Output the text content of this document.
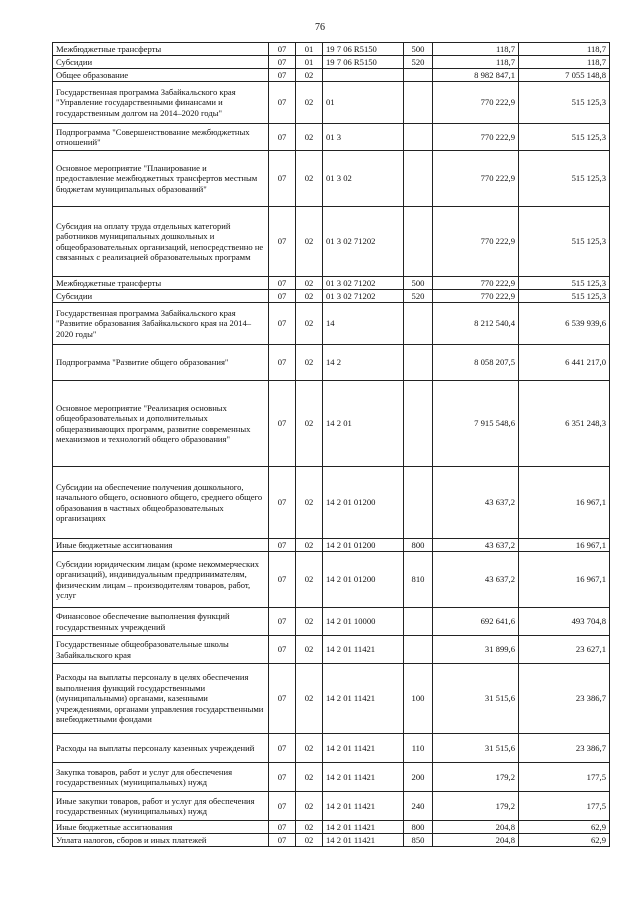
76
Межбюджетные трансферты	07	01	19 7 06 R5150	500	118,7	118,7
Субсидии	07	01	19 7 06 R5150	520	118,7	118,7
Общее образование	07	02			8 982 847,1	7 055 148,8
Государственная программа Забайкальского края "Управление государственными финансами и государственным долгом на 2014–2020 годы"	07	02	01		770 222,9	515 125,3
Подпрограмма "Совершенствование межбюджетных отношений"	07	02	01 3		770 222,9	515 125,3
Основное мероприятие "Планирование и предоставление межбюджетных трансфертов местным бюджетам муниципальных образований"	07	02	01 3 02		770 222,9	515 125,3
Субсидия на оплату труда отдельных категорий работников муниципальных дошкольных и общеобразовательных организаций, непосредственно не связанных с реализацией образовательных программ	07	02	01 3 02 71202		770 222,9	515 125,3
Межбюджетные трансферты	07	02	01 3 02 71202	500	770 222,9	515 125,3
Субсидии	07	02	01 3 02 71202	520	770 222,9	515 125,3
Государственная программа Забайкальского края "Развитие образования Забайкальского края на 2014–2020 годы"	07	02	14		8 212 540,4	6 539 939,6
Подпрограмма "Развитие общего образования"	07	02	14 2		8 058 207,5	6 441 217,0
Основное мероприятие "Реализация основных общеобразовательных и дополнительных общеразвивающих программ, развитие современных механизмов и технологий общего образования"	07	02	14 2 01		7 915 548,6	6 351 248,3
Субсидии на обеспечение получения дошкольного, начального общего, основного общего, среднего общего образования в частных общеобразовательных организациях	07	02	14 2 01 01200		43 637,2	16 967,1
Иные бюджетные ассигнования	07	02	14 2 01 01200	800	43 637,2	16 967,1
Субсидии юридическим лицам (кроме некоммерческих организаций), индивидуальным предпринимателям, физическим лицам – производителям товаров, работ, услуг	07	02	14 2 01 01200	810	43 637,2	16 967,1
Финансовое обеспечение выполнения функций государственных учреждений	07	02	14 2 01 10000		692 641,6	493 704,8
Государственные общеобразовательные школы Забайкальского края	07	02	14 2 01 11421		31 899,6	23 627,1
Расходы на выплаты персоналу в целях обеспечения выполнения функций государственными (муниципальными) органами, казенными учреждениями, органами управления государственными внебюджетными фондами	07	02	14 2 01 11421	100	31 515,6	23 386,7
Расходы на выплаты персоналу казенных учреждений	07	02	14 2 01 11421	110	31 515,6	23 386,7
Закупка товаров, работ и услуг для обеспечения государственных (муниципальных) нужд	07	02	14 2 01 11421	200	179,2	177,5
Иные закупки товаров, работ и услуг для обеспечения государственных (муниципальных) нужд	07	02	14 2 01 11421	240	179,2	177,5
Иные бюджетные ассигнования	07	02	14 2 01 11421	800	204,8	62,9
Уплата налогов, сборов и иных платежей	07	02	14 2 01 11421	850	204,8	62,9
